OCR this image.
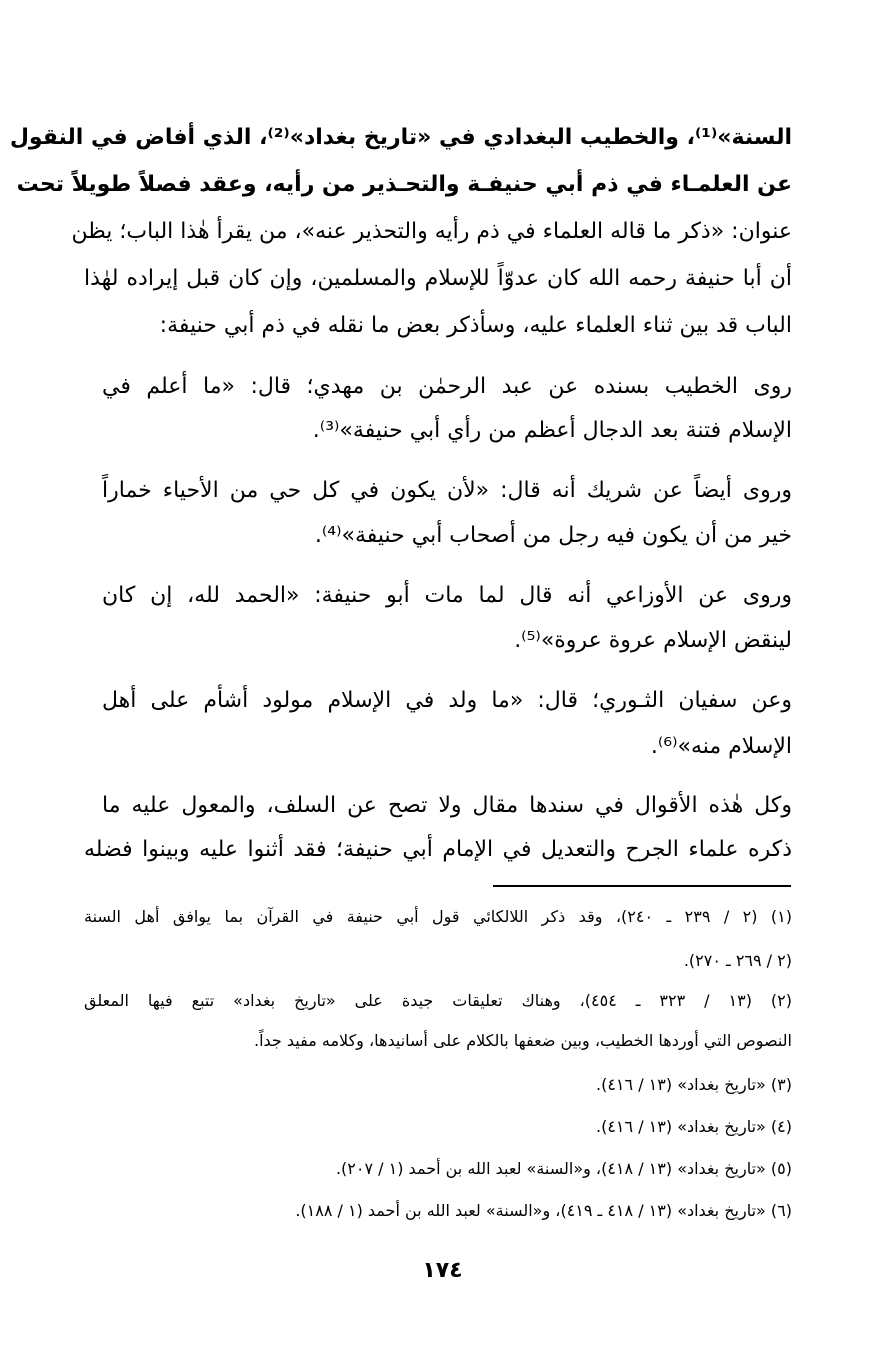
السنة»⁽¹⁾، والخطيب البغدادي في «تاريخ بغداد»⁽²⁾، الذي أفاض في النقول
عن العلمـاء في ذم أبي حنيفـة والتحـذير من رأيه، وعقد فصلاً طويلاً تحت
عنوان: «ذكر ما قاله العلماء في ذم رأيه والتحذير عنه»، من يقرأ هٰذا الباب؛ يظن
أن أبا حنيفة رحمه الله كان عدوّاً للإسلام والمسلمين، وإن كان قبل إيراده لهٰذا
الباب قد بين ثناء العلماء عليه، وسأذكر بعض ما نقله في ذم أبي حنيفة:
روى الخطيب بسنده عن عبد الرحمٰن بن مهدي؛ قال: «ما أعلم في
الإسلام فتنة بعد الدجال أعظم من رأي أبي حنيفة»⁽³⁾.
وروى أيضاً عن شريك أنه قال: «لأن يكون في كل حي من الأحياء خماراً
خير من أن يكون فيه رجل من أصحاب أبي حنيفة»⁽⁴⁾.
وروى عن الأوزاعي أنه قال لما مات أبو حنيفة: «الحمد لله، إن كان
لينقض الإسلام عروة عروة»⁽⁵⁾.
وعن سفيان الثـوري؛ قال: «ما ولد في الإسلام مولود أشأم على أهل
الإسلام منه»⁽⁶⁾.
وكل هٰذه الأقوال في سندها مقال ولا تصح عن السلف، والمعول عليه ما
ذكره علماء الجرح والتعديل في الإمام أبي حنيفة؛ فقد أثنوا عليه وبينوا فضله
(١) (٢ / ٢٣٩ ـ ٢٤٠)، وقد ذكر اللالكائي قول أبي حنيفة في القرآن بما يوافق أهل السنة
(٢ / ٢٦٩ ـ ٢٧٠).
(٢) (١٣ / ٣٢٣ ـ ٤٥٤)، وهناك تعليقات جيدة على «تاريخ بغداد» تتبع فيها المعلق
النصوص التي أوردها الخطيب، وبين ضعفها بالكلام على أسانيدها، وكلامه مفيد جداً.
(٣) «تاريخ بغداد» (١٣ / ٤١٦).
(٤) «تاريخ بغداد» (١٣ / ٤١٦).
(٥) «تاريخ بغداد» (١٣ / ٤١٨)، و«السنة» لعبد الله بن أحمد (١ / ٢٠٧).
(٦) «تاريخ بغداد» (١٣ / ٤١٨ ـ ٤١٩)، و«السنة» لعبد الله بن أحمد (١ / ١٨٨).
١٧٤
